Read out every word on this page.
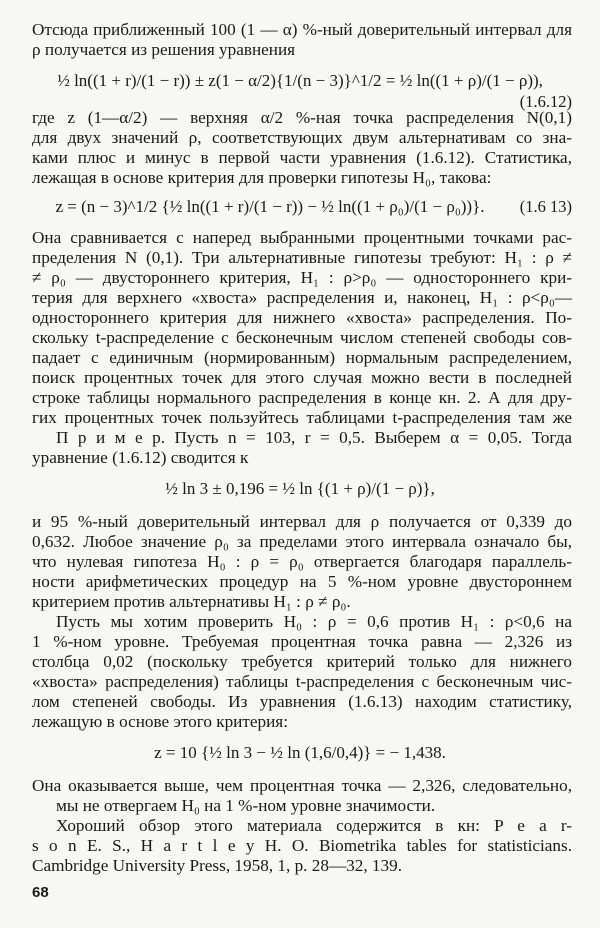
Отсюда приближенный 100 (1 — α) %-ный доверительный интервал для
ρ получается из решения уравнения
½ ln((1 + r)/(1 − r)) ± z(1 − α/2){1/(n − 3)}^1/2 = ½ ln((1 + ρ)/(1 − ρ)),
(1.6.12)
где z (1—α/2) — верхняя α/2 %-ная точка распределения N(0,1)
для двух значений ρ, соответствующих двум альтернативам со зна-
ками плюс и минус в первой части уравнения (1.6.12). Статистика,
лежащая в основе критерия для проверки гипотезы H₀, такова:
z = (n − 3)^1/2 {½ ln((1 + r)/(1 − r)) − ½ ln((1 + ρ₀)/(1 − ρ₀))}.	(1.6 13)
Она сравнивается с наперед выбранными процентными точками рас-
пределения N (0,1). Три альтернативные гипотезы требуют: H₁ : ρ ≠
≠ ρ₀ — двустороннего критерия, H₁ : ρ>ρ₀ — одностороннего кри-
терия для верхнего «хвоста» распределения и, наконец, H₁ : ρ<ρ₀—
одностороннего критерия для нижнего «хвоста» распределения. По-
скольку t-распределение с бесконечным числом степеней свободы сов-
падает с единичным (нормированным) нормальным распределением,
поиск процентных точек для этого случая можно вести в последней
строке таблицы нормального распределения в конце кн. 2. А для дру-
гих процентных точек пользуйтесь таблицами t-распределения там же
П р и м е р. Пусть n = 103, r = 0,5. Выберем α = 0,05. Тогда
уравнение (1.6.12) сводится к
½ ln 3 ± 0,196 = ½ ln {(1 + ρ)/(1 − ρ)},
и 95 %-ный доверительный интервал для ρ получается от 0,339 до
0,632. Любое значение ρ₀ за пределами этого интервала означало бы,
что нулевая гипотеза H₀ : ρ = ρ₀ отвергается благодаря параллель-
ности арифметических процедур на 5 %-ном уровне двустороннем
критерием против альтернативы H₁ : ρ ≠ ρ₀.
Пусть мы хотим проверить H₀ : ρ = 0,6 против H₁ : ρ<0,6 на
1 %-ном уровне. Требуемая процентная точка равна — 2,326 из
столбца 0,02 (поскольку требуется критерий только для нижнего
«хвоста» распределения) таблицы t-распределения с бесконечным чис-
лом степеней свободы. Из уравнения (1.6.13) находим статистику,
лежащую в основе этого критерия:
z = 10 {½ ln 3 − ½ ln (1,6/0,4)} = − 1,438.
Она оказывается выше, чем процентная точка — 2,326, следовательно,
мы не отвергаем H₀ на 1 %-ном уровне значимости.
68
Хороший обзор этого материала содержится в кн: P e a r-
s o n E. S., H a r t l e y H. O. Biometrika tables for statisticians.
Cambridge University Press, 1958, 1, p. 28—32, 139.
